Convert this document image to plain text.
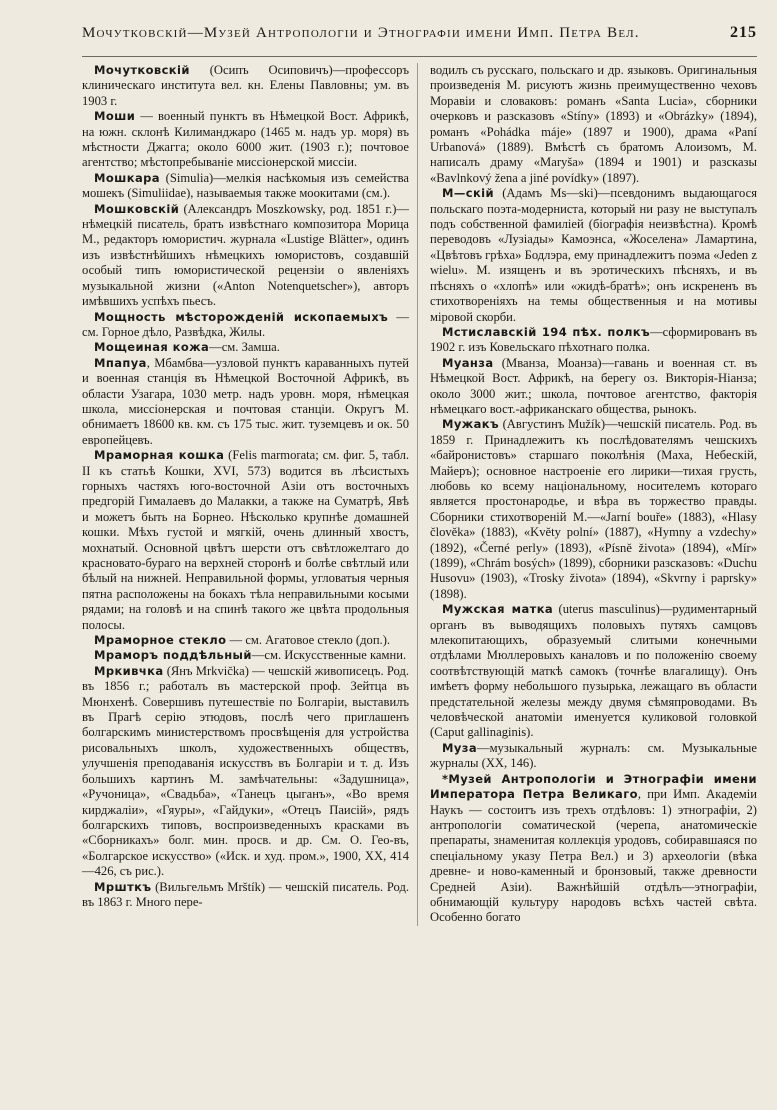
Мочутковскій—Музей Антропологіи и Этнографіи имени Имп. Петра Вел.	215

Мочутковскій (Осипъ Осиповичъ)—профессоръ клиническаго института вел. кн. Елены Павловны; ум. въ 1903 г.

Моши — военный пунктъ въ Нѣмецкой Вост. Африкѣ, на южн. склонѣ Килиманджаро (1465 м. надъ ур. моря) въ мѣстности Джагга; около 6000 жит. (1903 г.); почтовое агентство; мѣстопребываніе миссіонерской миссіи.

Мошкара (Simulia)—мелкія насѣкомыя изъ семейства мошекъ (Simuliidae), называемыя также моокитами (см.).

Мошковскій (Александръ Moszkowsky, род. 1851 г.)—нѣмецкій писатель, братъ извѣстнаго композитора Морица М., редакторъ юмористич. журнала «Lustige Blätter», одинъ изъ извѣстнѣйшихъ нѣмецкихъ юмористовъ, создавшій особый типъ юмористической рецензіи о явленіяхъ музыкальной жизни («Anton Notenquetscher»), авторъ имѣвшихъ успѣхъ пьесъ.

Мощность мѣсторожденій ископаемыхъ — см. Горное дѣло, Развѣдка, Жилы.

Мощеиная кожа—см. Замша.

Мпапуа, Мбамбва—узловой пунктъ караванныхъ путей и военная станція въ Нѣмецкой Восточной Африкѣ, въ области Узагара, 1030 метр. надъ уровн. моря, нѣмецкая школа, миссіонерская и почтовая станціи. Округъ М. обнимаетъ 18600 кв. км. съ 175 тыс. жит. туземцевъ и ок. 50 европейцевъ.

Мраморная кошка (Felis marmorata; см. фиг. 5, табл. II къ статьѣ Кошки, XVI, 573) водится въ лѣсистыхъ горныхъ частяхъ юго-восточной Азіи отъ восточныхъ предгорій Гималаевъ до Малакки, а также на Суматрѣ, Явѣ и можетъ быть на Борнео. Нѣсколько крупнѣе домашней кошки. Мѣхъ густой и мягкій, очень длинный хвостъ, мохнатый. Основной цвѣтъ шерсти отъ свѣтложелтаго до красновато-бураго на верхней сторонѣ и болѣе свѣтлый или бѣлый на нижней. Неправильной формы, угловатыя черныя пятна расположены на бокахъ тѣла неправильными косыми рядами; на головѣ и на спинѣ такого же цвѣта продольныя полосы.

Мраморное стекло — см. Агатовое стекло (доп.).

Мраморъ поддѣльный—см. Искусственные камни.

Мркивчка (Янъ Mrkvička) — чешскій живописецъ. Род. въ 1856 г.; работалъ въ мастерской проф. Зейтца въ Мюнхенѣ. Совершивъ путешествіе по Болгаріи, выставилъ въ Прагѣ серію этюдовъ, послѣ чего приглашенъ болгарскимъ министерствомъ просвѣщенія для устройства рисовальныхъ школъ, художественныхъ обществъ, улучшенія преподаванія искусствъ въ Болгаріи и т. д. Изъ большихъ картинъ М. замѣчательны: «Задушница», «Ручоница», «Свадьба», «Танецъ цыганъ», «Во время кирджаліи», «Гяуры», «Гайдуки», «Отецъ Паисій», рядъ болгарскихъ типовъ, воспроизведенныхъ красками въ «Сборникахъ» болг. мин. просв. и др. См. О. Гео-въ, «Болгарское искусство» («Иск. и худ. пром.», 1900, XX, 414—426, съ рис.).

Мршткъ (Вильгельмъ Mrštík) — чешскій писатель. Род. въ 1863 г. Много пере-

водилъ съ русскаго, польскаго и др. языковъ. Оригинальныя произведенія М. рисуютъ жизнь преимущественно чеховъ Моравіи и словаковъ: романъ «Santa Lucia», сборники очерковъ и разсказовъ «Stíny» (1893) и «Obrázky» (1894), романъ «Pohádka máje» (1897 и 1900), драма «Paní Urbanová» (1889). Вмѣстѣ съ братомъ Алоизомъ, М. написалъ драму «Maryša» (1894 и 1901) и разсказы «Bavlnkový žena a jiné povídky» (1897).

М—скій (Адамъ Ms—ski)—псевдонимъ выдающагося польскаго поэта-модерниста, который ни разу не выступалъ подъ собственной фамиліей (біографія неизвѣстна). Кромѣ переводовъ «Лузіады» Камоэнса, «Жоселена» Ламартина, «Цвѣтовъ грѣха» Бодлэра, ему принадлежитъ поэма «Jeden z wielu». М. изященъ и въ эротическихъ пѣсняхъ, и въ пѣсняхъ о «хлопѣ» или «жидѣ-братѣ»; онъ искрененъ въ стихотвореніяхъ на темы общественныя и на мотивы міровой скорби.

Мстиславскій 194 пѣх. полкъ—сформированъ въ 1902 г. изъ Ковельскаго пѣхотнаго полка.

Муанза (Мванза, Моанза)—гавань и военная ст. въ Нѣмецкой Вост. Африкѣ, на берегу оз. Викторія-Ніанза; около 3000 жит.; школа, почтовое агентство, факторія нѣмецкаго вост.-африканскаго общества, рынокъ.

Мужакъ (Августинъ Mužík)—чешскій писатель. Род. въ 1859 г. Принадлежитъ къ послѣдователямъ чешскихъ «байронистовъ» старшаго поколѣнія (Маха, Небескій, Майеръ); основное настроеніе его лирики—тихая грусть, любовь ко всему національному, носителемъ котораго является простонародье, и вѣра въ торжество правды. Сборники стихотвореній М.—«Jarní bouře» (1883), «Hlasy člověka» (1883), «Květy polní» (1887), «Hymny a vzdechy» (1892), «Černé perly» (1893), «Písně života» (1894), «Mír» (1899), «Chrám bosých» (1899), сборники разсказовъ: «Duchu Husovu» (1903), «Trosky života» (1894), «Skvrny i paprsky» (1898).

Мужская матка (uterus masculinus)—рудиментарный органъ въ выводящихъ половыхъ путяхъ самцовъ млекопитающихъ, образуемый слитыми конечными отдѣлами Мюллеровыхъ каналовъ и по положенію своему соотвѣтствующій маткѣ самокъ (точнѣе влагалищу). Онъ имѣетъ форму небольшого пузырька, лежащаго въ области предстательной железы между двумя сѣмяпроводами. Въ человѣческой анатоміи именуется куликовой головкой (Caput gallinaginis).

Муза—музыкальный журналъ: см. Музыкальные журналы (XX, 146).

*Музей Антропологіи и Этнографіи имени Императора Петра Великаго, при Имп. Академіи Наукъ — состоитъ изъ трехъ отдѣловъ: 1) этнографіи, 2) антропологіи соматической (черепа, анатомическіе препараты, знаменитая коллекція уродовъ, собиравшаяся по спеціальному указу Петра Вел.) и 3) археологіи (вѣка древне- и ново-каменный и бронзовый, также древности Средней Азіи). Важнѣйшій отдѣлъ—этнографіи, обнимающій культуру народовъ всѣхъ частей свѣта. Особенно богато
